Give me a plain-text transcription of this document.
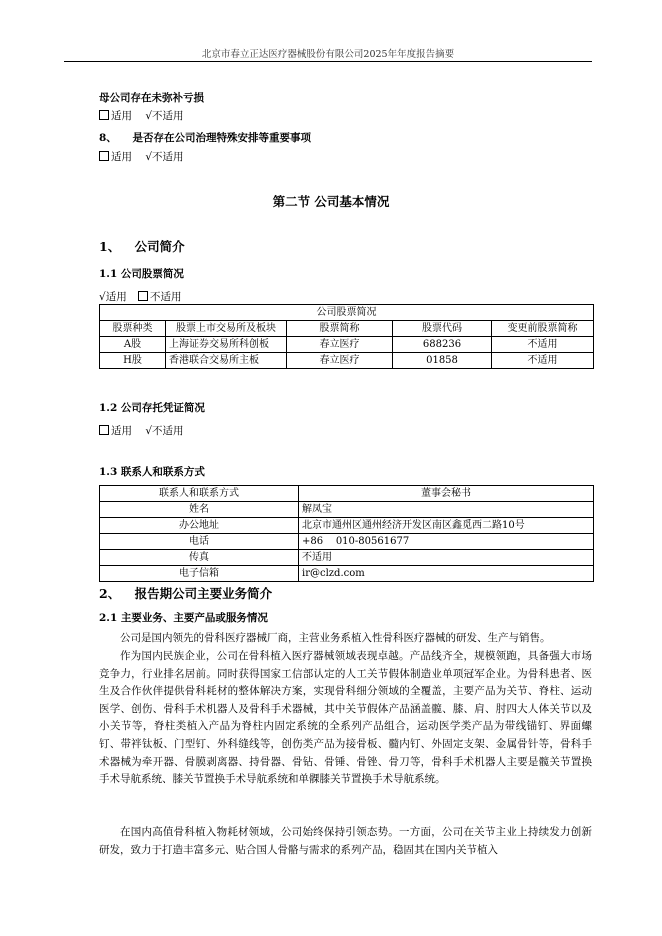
北京市春立正达医疗器械股份有限公司2025年年度报告摘要
母公司存在未弥补亏损
适用 √不适用
8、 是否存在公司治理特殊安排等重要事项
适用 √不适用
第二节 公司基本情况
1、 公司简介
1.1 公司股票简况
√适用 不适用
公司股票简况				
股票种类	股票上市交易所及板块	股票简称	股票代码	变更前股票简称
A股	上海证券交易所科创板	春立医疗	688236	不适用
H股	香港联合交易所主板	春立医疗	01858	不适用
1.2 公司存托凭证简况
适用 √不适用
1.3 联系人和联系方式
联系人和联系方式	董事会秘书
姓名	解凤宝
办公地址	北京市通州区通州经济开发区南区鑫觅西二路10号
电话	+86    010-80561677
传真	不适用
电子信箱	ir@clzd.com
2、 报告期公司主要业务简介
2.1 主要业务、主要产品或服务情况
公司是国内领先的骨科医疗器械厂商，主营业务系植入性骨科医疗器械的研发、生产与销售。
作为国内民族企业，公司在骨科植入医疗器械领域表现卓越。产品线齐全，规模领跑，具备强大市场竞争力，行业排名居前。同时获得国家工信部认定的人工关节假体制造业单项冠军企业。为骨科患者、医生及合作伙伴提供骨科耗材的整体解决方案，实现骨科细分领域的全覆盖，主要产品为关节、脊柱、运动医学、创伤、骨科手术机器人及骨科手术器械，其中关节假体产品涵盖髋、膝、肩、肘四大人体关节以及小关节等，脊柱类植入产品为脊柱内固定系统的全系列产品组合，运动医学类产品为带线锚钉、界面螺钉、带袢钛板、门型钉、外科缝线等，创伤类产品为接骨板、髓内钉、外固定支架、金属骨针等，骨科手术器械为牵开器、骨膜剥离器、持骨器、骨钻、骨锤、骨锉、骨刀等，骨科手术机器人主要是髋关节置换手术导航系统、膝关节置换手术导航系统和单髁膝关节置换手术导航系统。
在国内高值骨科植入物耗材领域，公司始终保持引领态势。一方面，公司在关节主业上持续发力创新研发，致力于打造丰富多元、贴合国人骨骼与需求的系列产品，稳固其在国内关节植入
